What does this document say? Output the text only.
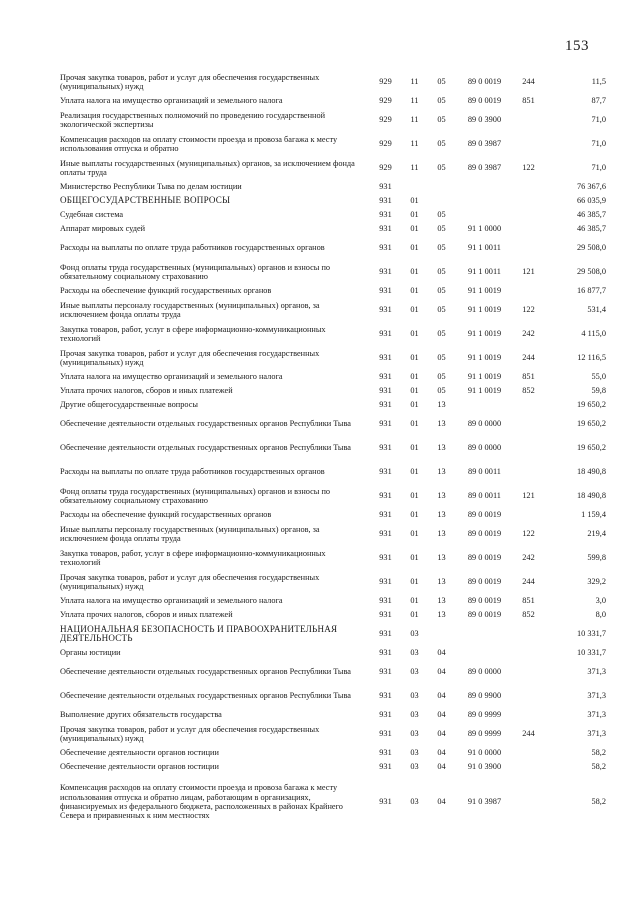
153
Прочая закупка товаров, работ и услуг для обеспечения государственных (муниципальных) нужд	929	11	05	89 0 0019	244	11,5
Уплата налога на имущество организаций и земельного налога	929	11	05	89 0 0019	851	87,7
Реализация государственных полномочий по проведению государственной экологической экспертизы	929	11	05	89 0 3900		71,0
Компенсация расходов на оплату стоимости проезда и провоза багажа к месту использования отпуска и обратно	929	11	05	89 0 3987		71,0
Иные выплаты государственных (муниципальных) органов, за исключением фонда оплаты труда	929	11	05	89 0 3987	122	71,0
Министерство Республики Тыва по делам юстиции	931					76 367,6
ОБЩЕГОСУДАРСТВЕННЫЕ ВОПРОСЫ	931	01				66 035,9
Судебная система	931	01	05			46 385,7
Аппарат мировых судей	931	01	05	91 1 0000		46 385,7
Расходы на выплаты по оплате труда работников государственных органов	931	01	05	91 1 0011		29 508,0
Фонд оплаты труда государственных (муниципальных) органов и взносы по обязательному социальному страхованию	931	01	05	91 1 0011	121	29 508,0
Расходы на обеспечение функций государственных органов	931	01	05	91 1 0019		16 877,7
Иные выплаты персоналу государственных (муниципальных) органов, за исключением фонда оплаты труда	931	01	05	91 1 0019	122	531,4
Закупка товаров, работ, услуг в сфере информационно-коммуникационных технологий	931	01	05	91 1 0019	242	4 115,0
Прочая закупка товаров, работ и услуг для обеспечения государственных (муниципальных) нужд	931	01	05	91 1 0019	244	12 116,5
Уплата налога на имущество организаций и земельного налога	931	01	05	91 1 0019	851	55,0
Уплата прочих налогов, сборов и иных платежей	931	01	05	91 1 0019	852	59,8
Другие общегосударственные вопросы	931	01	13			19 650,2
Обеспечение деятельности отдельных государственных органов Республики Тыва	931	01	13	89 0 0000		19 650,2
Обеспечение деятельности отдельных государственных органов Республики Тыва	931	01	13	89 0 0000		19 650,2
Расходы на выплаты по оплате труда работников государственных органов	931	01	13	89 0 0011		18 490,8
Фонд оплаты труда государственных (муниципальных) органов и взносы по обязательному социальному страхованию	931	01	13	89 0 0011	121	18 490,8
Расходы на обеспечение функций государственных органов	931	01	13	89 0 0019		1 159,4
Иные выплаты персоналу государственных (муниципальных) органов, за исключением фонда оплаты труда	931	01	13	89 0 0019	122	219,4
Закупка товаров, работ, услуг в сфере информационно-коммуникационных технологий	931	01	13	89 0 0019	242	599,8
Прочая закупка товаров, работ и услуг для обеспечения государственных (муниципальных) нужд	931	01	13	89 0 0019	244	329,2
Уплата налога на имущество организаций и земельного налога	931	01	13	89 0 0019	851	3,0
Уплата прочих налогов, сборов и иных платежей	931	01	13	89 0 0019	852	8,0
НАЦИОНАЛЬНАЯ БЕЗОПАСНОСТЬ И ПРАВООХРАНИТЕЛЬНАЯ ДЕЯТЕЛЬНОСТЬ	931	03				10 331,7
Органы юстиции	931	03	04			10 331,7
Обеспечение деятельности отдельных государственных органов Республики Тыва	931	03	04	89 0 0000		371,3
Обеспечение деятельности отдельных государственных органов Республики Тыва	931	03	04	89 0 9900		371,3
Выполнение других обязательств государства	931	03	04	89 0 9999		371,3
Прочая закупка товаров, работ и услуг для обеспечения государственных (муниципальных) нужд	931	03	04	89 0 9999	244	371,3
Обеспечение деятельности органов юстиции	931	03	04	91 0 0000		58,2
Обеспечение деятельности органов юстиции	931	03	04	91 0 3900		58,2
Компенсация расходов на оплату стоимости проезда и провоза багажа к месту использования отпуска и обратно лицам, работающим в организациях, финансируемых из федерального бюджета, расположенных в районах Крайнего Севера и приравненных к ним местностях	931	03	04	91 0 3987		58,2
